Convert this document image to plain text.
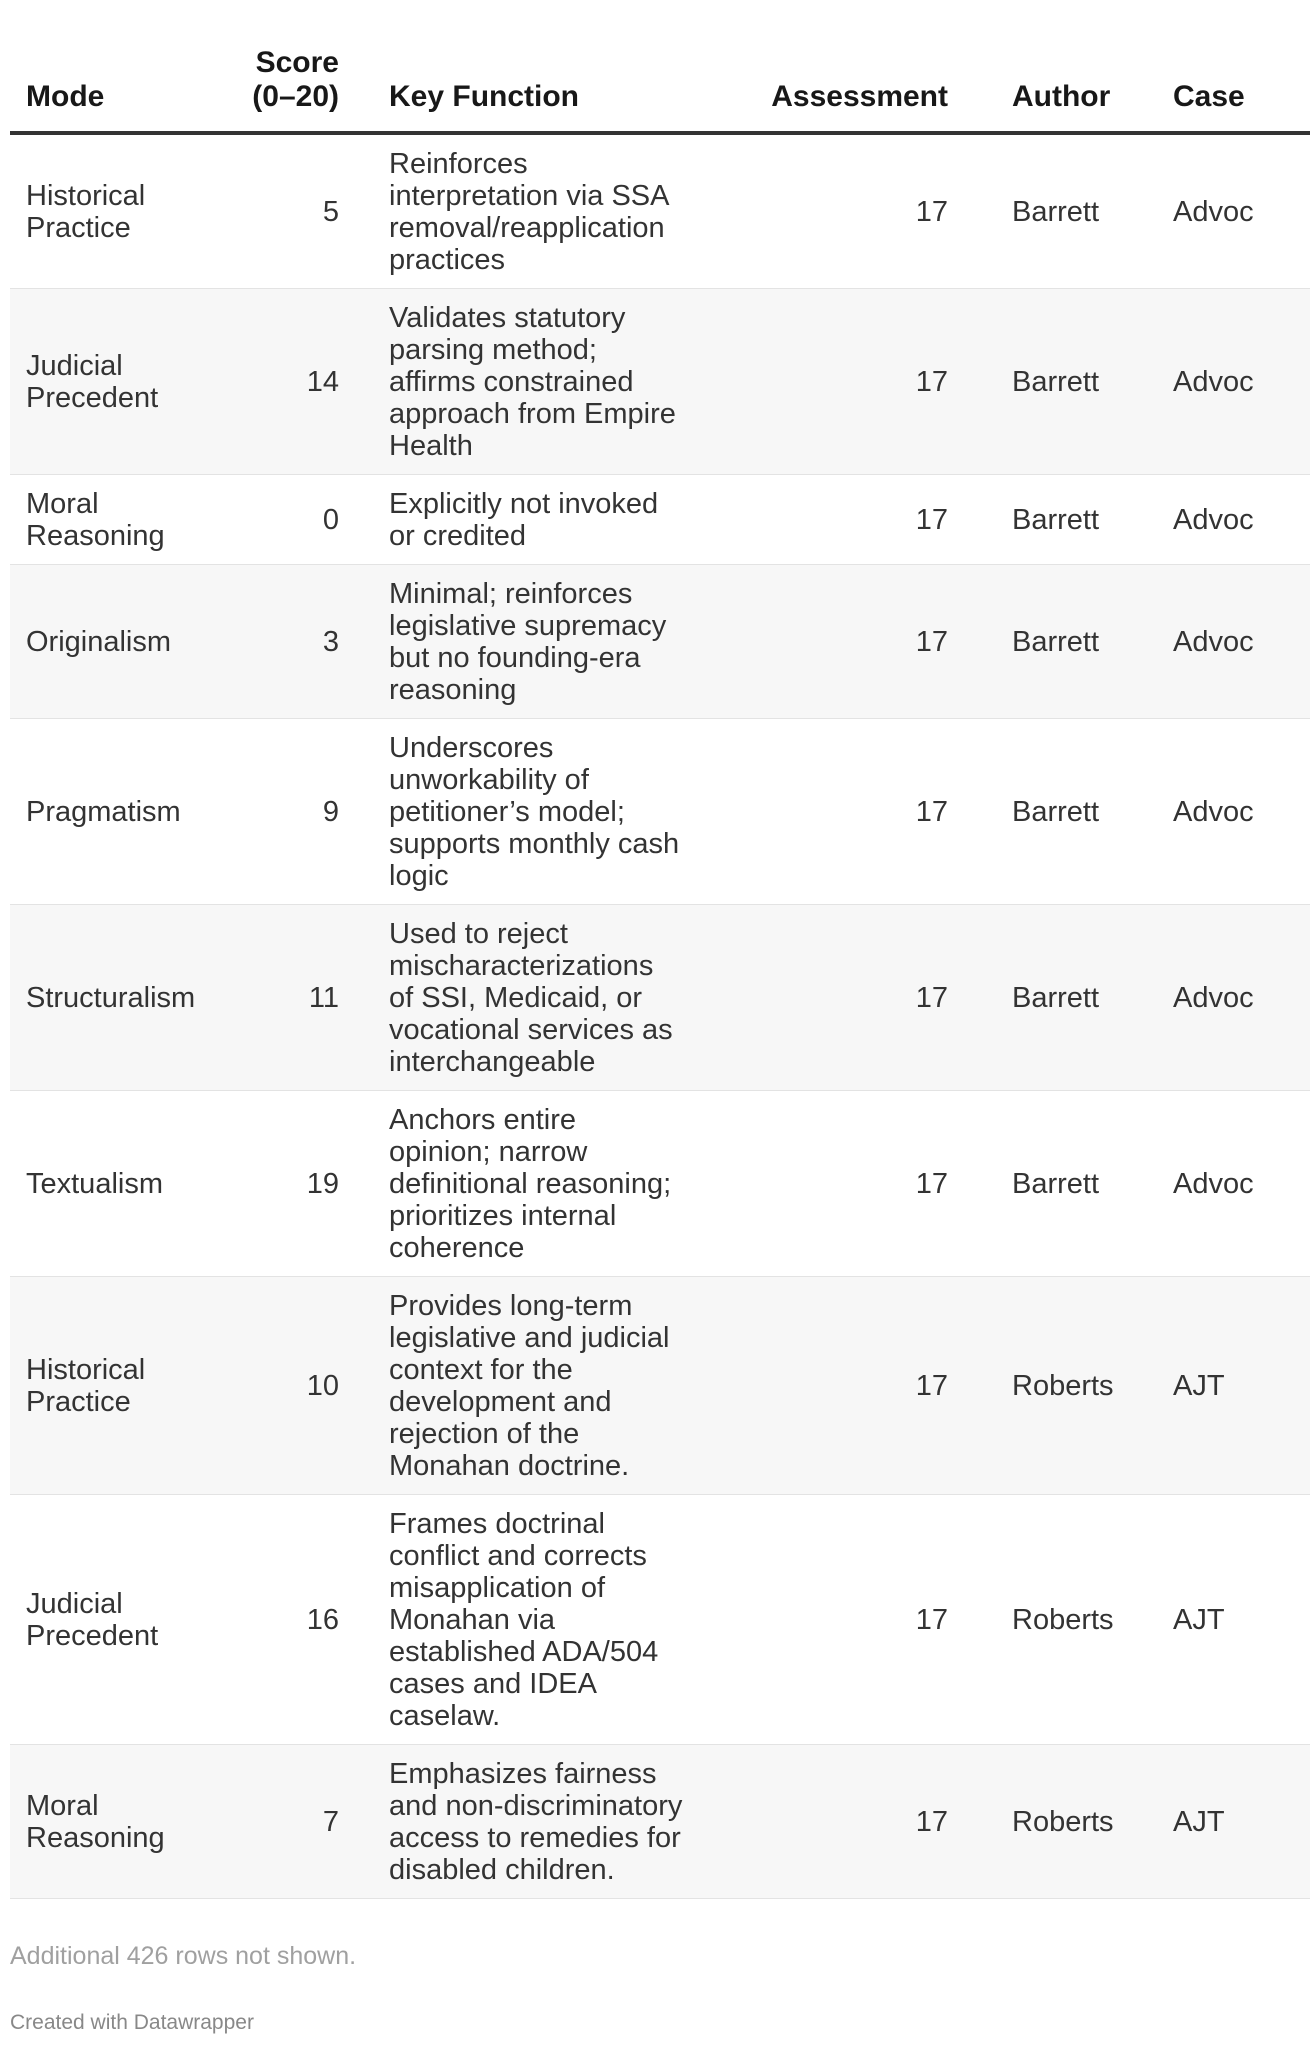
Mode	Score (0–20)	Key Function	Assessment	Author	Case
Historical Practice	5	Reinforces interpretation via SSA removal/reapplication practices	17	Barrett	Advoc
Judicial Precedent	14	Validates statutory parsing method; affirms constrained approach from Empire Health	17	Barrett	Advoc
Moral Reasoning	0	Explicitly not invoked or credited	17	Barrett	Advoc
Originalism	3	Minimal; reinforces legislative supremacy but no founding-era reasoning	17	Barrett	Advoc
Pragmatism	9	Underscores unworkability of petitioner’s model; supports monthly cash logic	17	Barrett	Advoc
Structuralism	11	Used to reject mischaracterizations of SSI, Medicaid, or vocational services as interchangeable	17	Barrett	Advoc
Textualism	19	Anchors entire opinion; narrow definitional reasoning; prioritizes internal coherence	17	Barrett	Advoc
Historical Practice	10	Provides long-term legislative and judicial context for the development and rejection of the Monahan doctrine.	17	Roberts	AJT
Judicial Precedent	16	Frames doctrinal conflict and corrects misapplication of Monahan via established ADA/504 cases and IDEA caselaw.	17	Roberts	AJT
Moral Reasoning	7	Emphasizes fairness and non-discriminatory access to remedies for disabled children.	17	Roberts	AJT
Additional 426 rows not shown.
Created with Datawrapper
